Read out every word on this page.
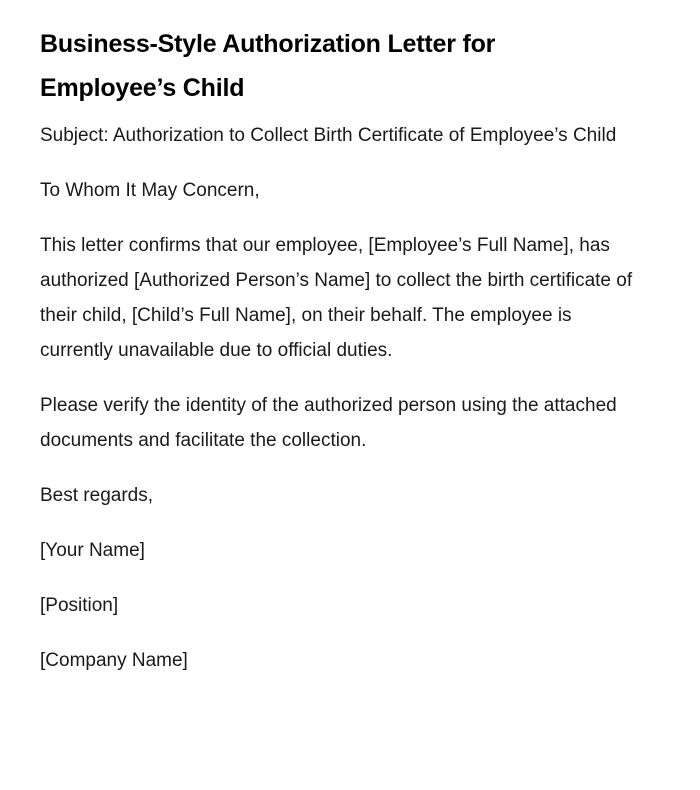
Business-Style Authorization Letter for Employee’s Child

Subject: Authorization to Collect Birth Certificate of Employee’s Child

To Whom It May Concern,

This letter confirms that our employee, [Employee’s Full Name], has authorized [Authorized Person’s Name] to collect the birth certificate of their child, [Child’s Full Name], on their behalf. The employee is currently unavailable due to official duties.

Please verify the identity of the authorized person using the attached documents and facilitate the collection.

Best regards,

[Your Name]

[Position]

[Company Name]
